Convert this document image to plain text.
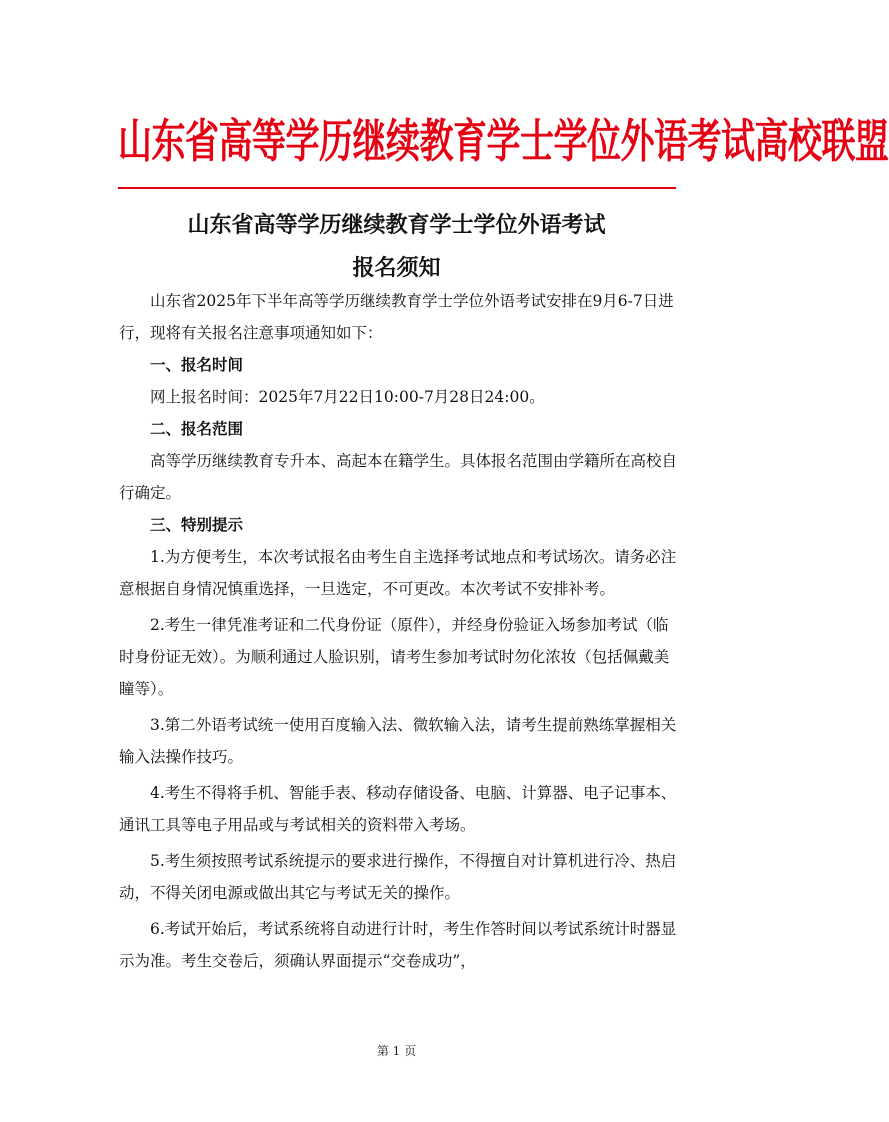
山东省高等学历继续教育学士学位外语考试高校联盟
山东省高等学历继续教育学士学位外语考试
报名须知

山东省2025年下半年高等学历继续教育学士学位外语考试安排在9月6-7日进行，现将有关报名注意事项通知如下：

一、报名时间

网上报名时间：2025年7月22日10:00-7月28日24:00。

二、报名范围

高等学历继续教育专升本、高起本在籍学生。具体报名范围由学籍所在高校自行确定。

三、特别提示

1.为方便考生，本次考试报名由考生自主选择考试地点和考试场次。请务必注意根据自身情况慎重选择，一旦选定，不可更改。本次考试不安排补考。

2.考生一律凭准考证和二代身份证（原件），并经身份验证入场参加考试（临时身份证无效）。为顺利通过人脸识别，请考生参加考试时勿化浓妆（包括佩戴美瞳等）。

3.第二外语考试统一使用百度输入法、微软输入法，请考生提前熟练掌握相关输入法操作技巧。

4.考生不得将手机、智能手表、移动存储设备、电脑、计算器、电子记事本、通讯工具等电子用品或与考试相关的资料带入考场。

5.考生须按照考试系统提示的要求进行操作，不得擅自对计算机进行冷、热启动，不得关闭电源或做出其它与考试无关的操作。

6.考试开始后，考试系统将自动进行计时，考生作答时间以考试系统计时器显示为准。考生交卷后，须确认界面提示“交卷成功”，

第 1 页
